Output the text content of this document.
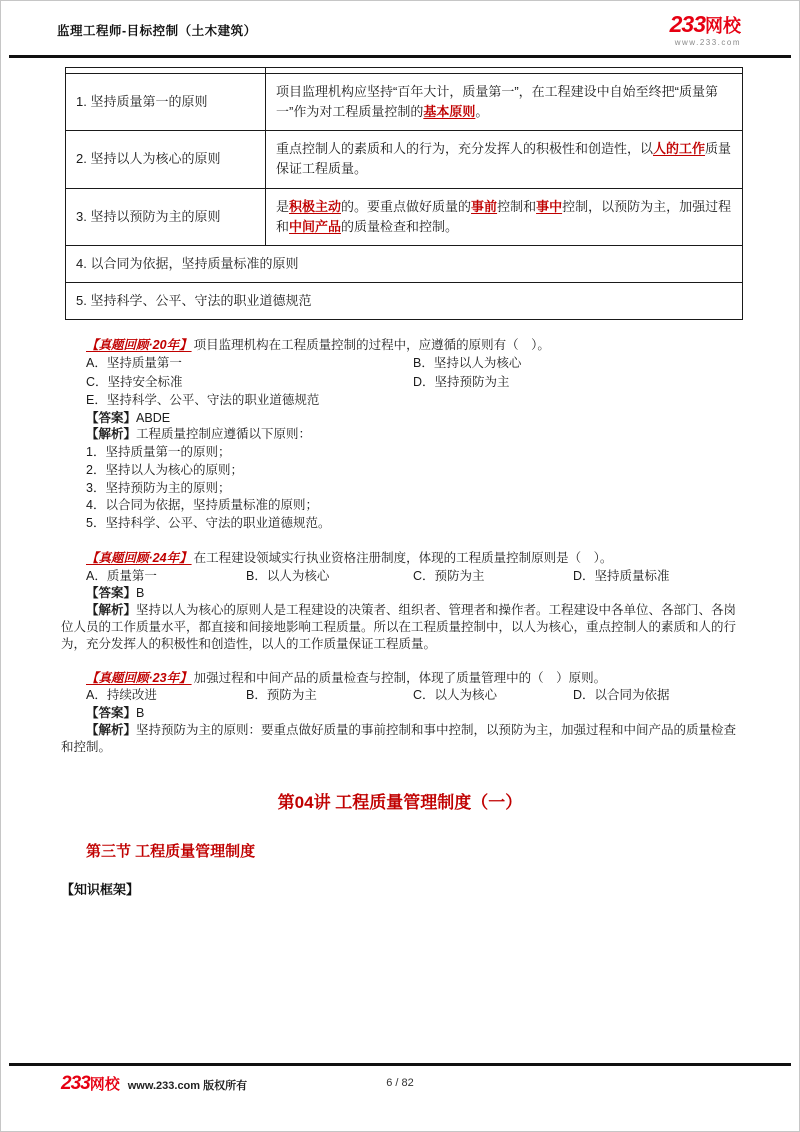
监理工程师-目标控制（土木建筑）	233网校
www.233.com

1. 坚持质量第一的原则	项目监理机构应坚持“百年大计，质量第一”，在工程建设中自始至终把“质量第一”作为对工程质量控制的基本原则。
2. 坚持以人为核心的原则	重点控制人的素质和人的行为，充分发挥人的积极性和创造性，以人的工作质量保证工程质量。
3. 坚持以预防为主的原则	是积极主动的。要重点做好质量的事前控制和事中控制，以预防为主，加强过程和中间产品的质量检查和控制。
4. 以合同为依据，坚持质量标准的原则	
5. 坚持科学、公平、守法的职业道德规范	

【真题回顾·20年】 项目监理机构在工程质量控制的过程中，应遵循的原则有（　）。

A．坚持质量第一	B．坚持以人为核心
C．坚持安全标准	D．坚持预防为主
E．坚持科学、公平、守法的职业道德规范

【答案】ABDE

【解析】工程质量控制应遵循以下原则：

1．坚持质量第一的原则；
2．坚持以人为核心的原则；
3．坚持预防为主的原则；
4．以合同为依据，坚持质量标准的原则；
5．坚持科学、公平、守法的职业道德规范。

【真题回顾·24年】 在工程建设领域实行执业资格注册制度，体现的工程质量控制原则是（　）。

A．质量第一	B．以人为核心	C．预防为主	D．坚持质量标准

【答案】B

【解析】坚持以人为核心的原则人是工程建设的决策者、组织者、管理者和操作者。工程建设中各单位、各部门、各岗位人员的工作质量水平，都直接和间接地影响工程质量。所以在工程质量控制中，以人为核心，重点控制人的素质和人的行为，充分发挥人的积极性和创造性，以人的工作质量保证工程质量。

【真题回顾·23年】 加强过程和中间产品的质量检查与控制，体现了质量管理中的（　）原则。

A．持续改进	B．预防为主	C．以人为核心	D．以合同为依据

【答案】B

【解析】坚持预防为主的原则：要重点做好质量的事前控制和事中控制，以预防为主，加强过程和中间产品的质量检查和控制。

第04讲 工程质量管理制度（一）
第三节 工程质量管理制度
【知识框架】
6 / 82
233 网校 www.233.com 版权所有
